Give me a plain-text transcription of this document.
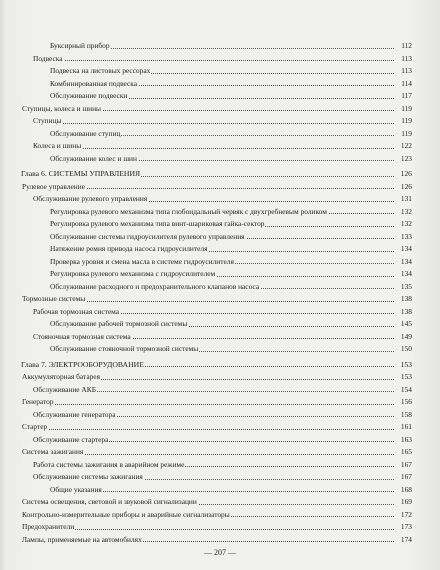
Буксирный прибор	112
Подвеска	113
Подвеска на листовых рессорах	113
Комбинированная подвеска	114
Обслуживание подвески	117
Ступицы, колеса и шины	119
Ступицы	119
Обслуживание ступиц	119
Колеса и шины	122
Обслуживание колес и шин	123
Глава 6. СИСТЕМЫ УПРАВЛЕНИЯ	126
Рулевое управление	126
Обслуживание рулевого управления	131
Регулировка рулевого механизма типа глобоидальный червяк с двухгребневым роликом	132
Регулировка рулевого механизма типа винт-шариковая гайка-сектор	132
Обслуживание системы гидроусилителя рулевого управления	133
Натяжение ремня привода насоса гидроусилителя	134
Проверка уровня и смена масла в системе гидроусилителя	134
Регулировка рулевого механизма с гидроусилителем	134
Обслуживание расходного и предохранительного клапанов насоса	135
Тормозные системы	138
Рабочая тормозная система	138
Обслуживание рабочей тормозной системы	145
Стояночная тормозная система	149
Обслуживание стояночной тормозной системы	150
Глава 7. ЭЛЕКТРООБОРУДОВАНИЕ	153
Аккумуляторная батарея	153
Обслуживание АКБ	154
Генератор	156
Обслуживание генератора	158
Стартер	161
Обслуживание стартера	163
Система зажигания	165
Работа системы зажигания в аварийном режиме	167
Обслуживание системы зажигания	167
Общие указания	168
Система освещения, световой и звуковой сигнализации	169
Контрольно-измерительные приборы и аварийные сигнализаторы	172
Предохранители	173
Лампы, применяемые на автомобилях	174
— 207 —
